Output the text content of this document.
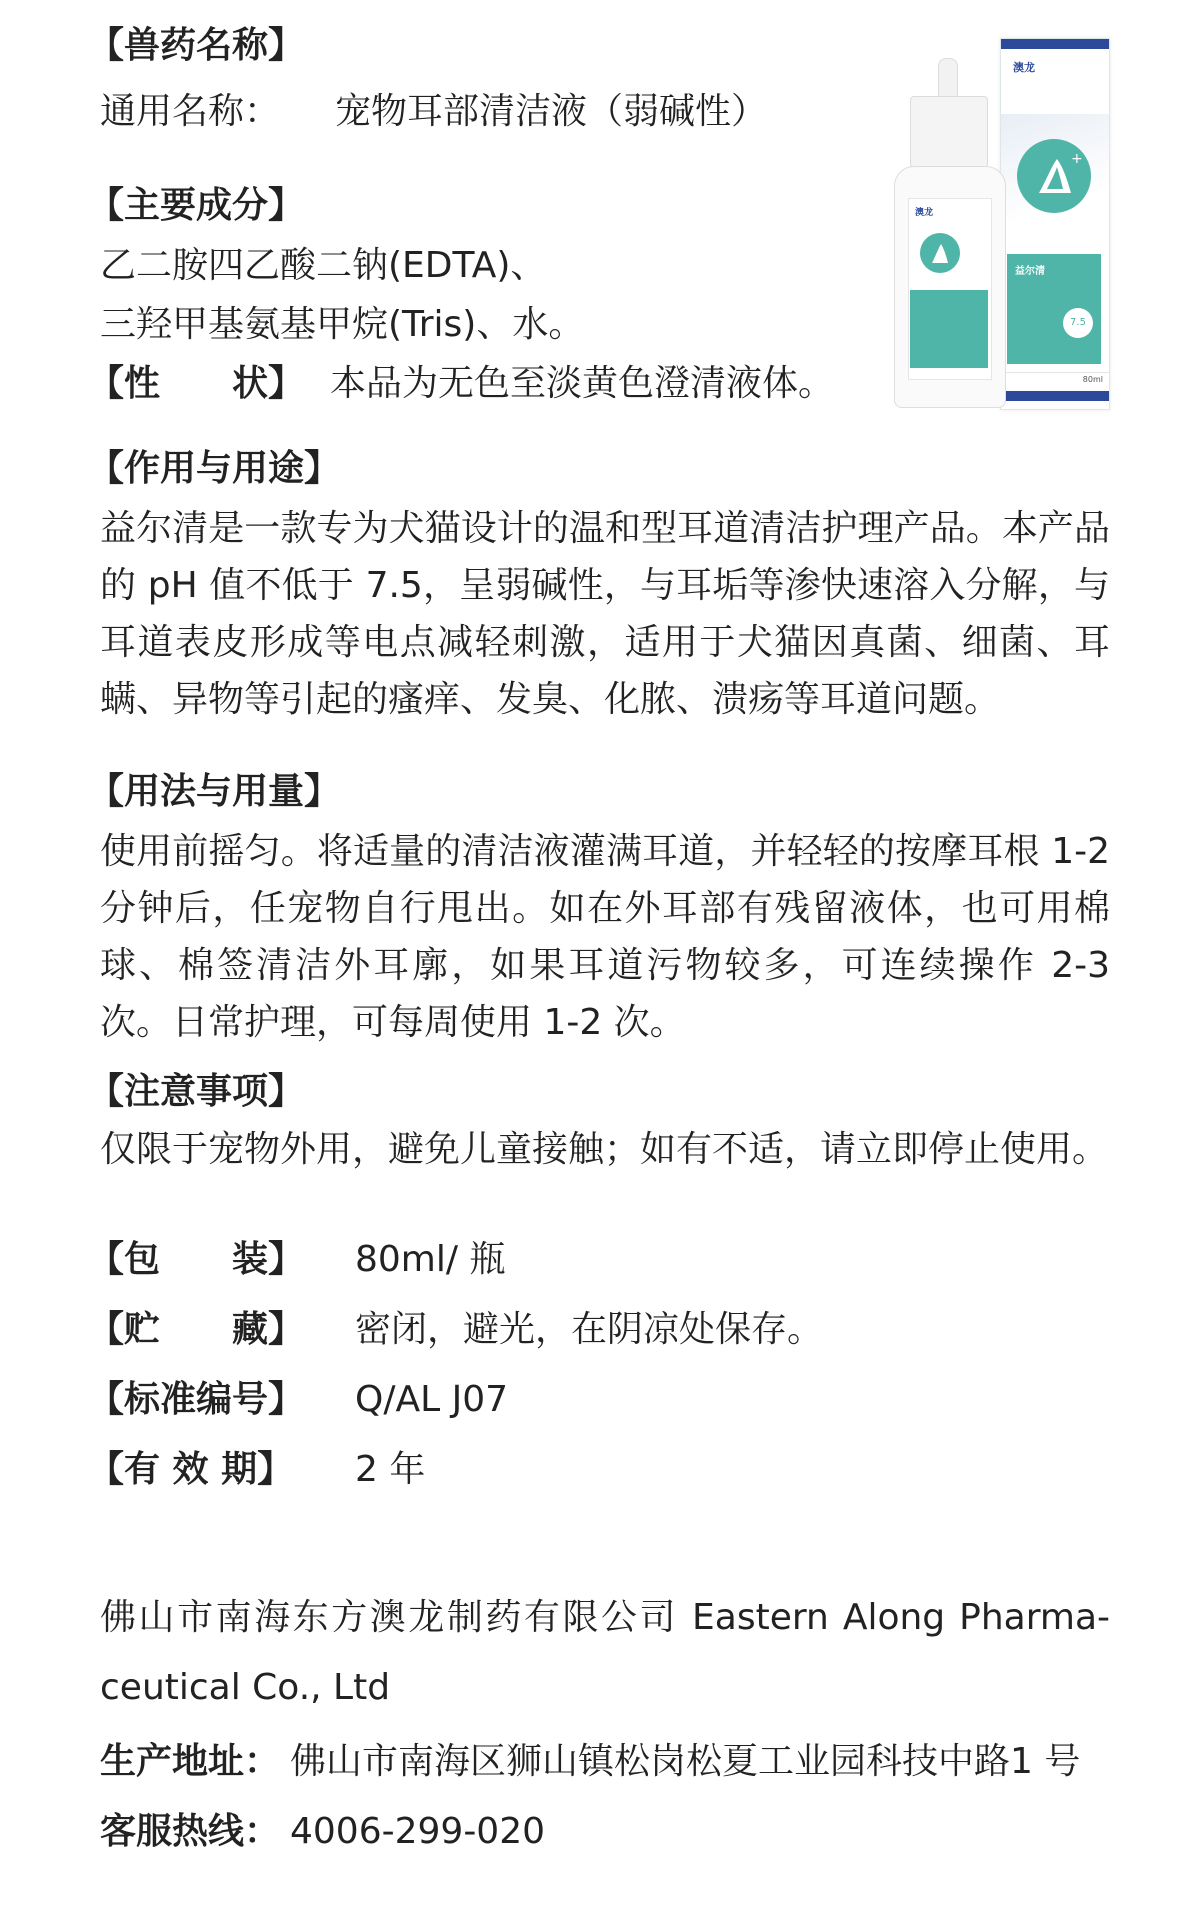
【兽药名称】
通用名称： 宠物耳部清洁液（弱碱性）
【主要成分】
乙二胺四乙酸二钠(EDTA)、
三羟甲基氨基甲烷(Tris)、水。
【性　　状】 本品为无色至淡黄色澄清液体。
澳龙
+
益尔清
7.5
80ml
澳龙
【作用与用途】
益尔清是一款专为犬猫设计的温和型耳道清洁护理产品。本产品的 pH 值不低于 7.5，呈弱碱性，与耳垢等渗快速溶入分解，与耳道表皮形成等电点减轻刺激，适用于犬猫因真菌、细菌、耳螨、异物等引起的瘙痒、发臭、化脓、溃疡等耳道问题。
【用法与用量】
使用前摇匀。将适量的清洁液灌满耳道，并轻轻的按摩耳根 1-2 分钟后，任宠物自行甩出。如在外耳部有残留液体，也可用棉球、棉签清洁外耳廓，如果耳道污物较多，可连续操作 2-3 次。日常护理，可每周使用 1-2 次。
【注意事项】
仅限于宠物外用，避免儿童接触；如有不适，请立即停止使用。
【包　　装】 80ml/ 瓶
【贮　　藏】 密闭，避光，在阴凉处保存。
【标准编号】 Q/AL J07
【有 效 期】 2 年
佛山市南海东方澳龙制药有限公司 Eastern Along Pharma-ceutical Co., Ltd
生产地址： 佛山市南海区狮山镇松岗松夏工业园科技中路1 号
客服热线： 4006-299-020
